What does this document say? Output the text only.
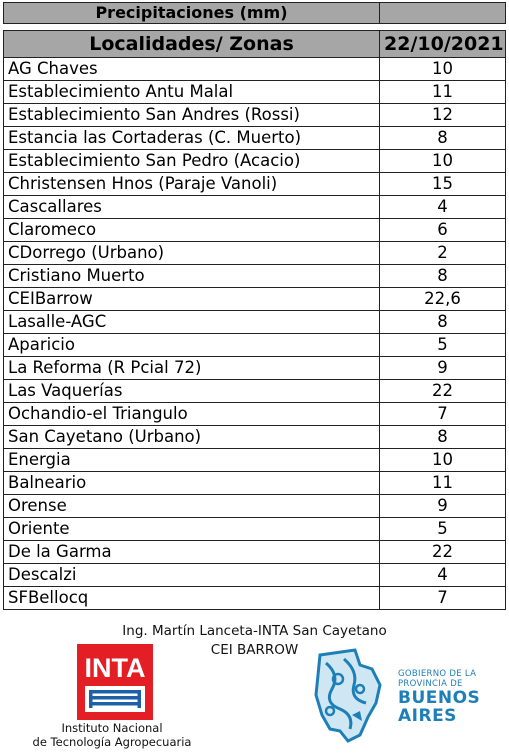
Precipitaciones (mm)	

Localidades/ Zonas	22/10/2021
AG Chaves	10
Establecimiento Antu Malal	11
Establecimiento San Andres (Rossi)	12
Estancia las Cortaderas (C. Muerto)	8
Establecimiento San Pedro (Acacio)	10
Christensen Hnos (Paraje Vanoli)	15
Cascallares	4
Claromeco	6
CDorrego (Urbano)	2
Cristiano Muerto	8
CEIBarrow	22,6
Lasalle-AGC	8
Aparicio	5
La Reforma (R Pcial 72)	9
Las Vaquerías	22
Ochandio-el Triangulo	7
San Cayetano (Urbano)	8
Energia	10
Balneario	11
Orense	9
Oriente	5
De la Garma	22
Descalzi	4
SFBellocq	7
Ing. Martín Lanceta-INTA San Cayetano
CEI BARROW
INTA
Instituto Nacional
de Tecnología Agropecuaria
GOBIERNO DE LA
PROVINCIA DE
BUENOS
AIRES
